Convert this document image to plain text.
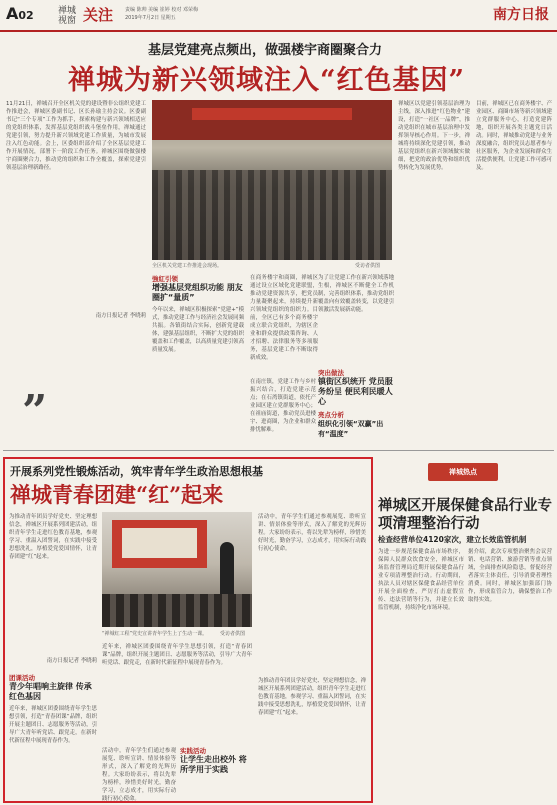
A02	禅城
视窗 关注 责编 陈帅 美编 崔婷 校对 邓荣梅
2019年7月2日 星期五	南方日报
基层党建亮点频出，做强楼宇商圈聚合力
禅城为新兴领域注入“红色基因”
11月21日，禅城召开全区机关党的建设暨非公组织党建工作推进会，禅城区委副书记、区长孙瑜主持会议。区委副书记“三个专项”工作为抓手，探索构建与新兴领域相适应的党组织体系，发挥基层党组织战斗堡垒作用，禅城通过党建引领，努力提升新兴领域党建工作质量，为城市发展注入红色动能。会上，区委组织部介绍了全区基层党建工作开展情况，部署下一阶段工作任务。禅城区围绕做强楼宇商圈聚合力，推动党的组织和工作全覆盖，探索党建引领基层治理新路径。
南方日报记者 李晓莉
全区机关党建工作推进会现场。	受访者供图
禅城区以党建引领基层治理为主线，深入推进“红色物业”建设，打造“一社区一品牌”，推动党组织在城市基层治理中发挥领导核心作用。下一步，禅城将持续深化党建引领，推动基层党组织在新兴领域做实做细，把党的政治优势和组织优势转化为发展优势。
目前，禅城区已在商务楼宇、产业园区、商圈市场等新兴领域建立党群服务中心，打造党建阵地，组织开展各类主题党日活动。同时，禅城推动党建与业务深度融合，组织党员志愿者参与社区服务，为企业发展和群众生活提供便利，让党建工作可感可及。
”
強紅引领
增强基层党组织功能 朋友圈扩“量质”
今年以来，禅城区积极探索“党建+”模式，推动党建工作与经济社会发展同频共振。各镇街结合实际，创新党建载体，建强基层组织，不断扩大党的组织覆盖和工作覆盖，以高质量党建引领高质量发展。
在商务楼宇和商圈，禅城区通过设立区域化党建联盟，推动党建资源共享，把党员力量凝聚起来，持续提升新兴领域党组织的组织力。目前，全区已有多个商务楼宇成立联合党组织，为辖区企业和群众提供政策咨询、人才招聘、法律服务等多项服务，基层党建工作不断取得新成效。
突出做法
镇街区织统开 党员服务纷呈 便民利民暖人心
在南庄镇，党建工作与乡村振兴结合，打造党建示范点；在石湾镇街道，依托产业园区建立党群服务中心；在祖庙街道，推动党员进楼宇、进商圈，为企业和群众排忧解难。
为了让党建工作在新兴领域落地生根，禅城区不断健全工作机制，完善组织体系，推动党组织覆盖向有效覆盖转变，以党建引领激活发展新动能。
亮点分析
组织化引领“双赢”出有“温度”
开展系列党性锻炼活动，筑牢青年学生政治思想根基
禅城青春团建“红”起来
为推动青年团员学好党史、坚定理想信念，禅城区开展系列团建活动，组织青年学生走进红色教育基地，参观学习、重温入团誓词，在实践中接受思想洗礼，厚植爱党爱国情怀，让青春团建“红”起来。
南方日报记者 李晓莉
“禅城红工程”党史宣讲青年学生上了生动一课。	受访者供图
活动中，青年学生们通过参观展览、聆听宣讲、情景体验等形式，深入了解党的光辉历程。大家纷纷表示，将以先辈为榜样，珍惜美好时光，勤奋学习，立志成才，用实际行动践行初心使命。
团课活动
青少年唱响主旋律 传承红色基因
近年来，禅城区团委围绕青年学生思想引领，打造“青春团课”品牌，组织开展主题团日、志愿服务等活动，引导广大青年听党话、跟党走，在新时代新征程中展现青春作为。
近年来，禅城区团委围绕青年学生思想引领，打造“青春团课”品牌，组织开展主题团日、志愿服务等活动，引导广大青年听党话、跟党走，在新时代新征程中展现青春作为。
实践活动
让学生走出校外 将所学用于实践
活动中，青年学生们通过参观展览、聆听宣讲、情景体验等形式，深入了解党的光辉历程。大家纷纷表示，将以先辈为榜样，珍惜美好时光，勤奋学习，立志成才，用实际行动践行初心使命。
为推动青年团员学好党史、坚定理想信念，禅城区开展系列团建活动，组织青年学生走进红色教育基地，参观学习、重温入团誓词，在实践中接受思想洗礼，厚植爱党爱国情怀，让青春团建“红”起来。
禅城热点
禅城区开展保健食品行业专项清理整治行动
检查经营单位4120家次，建立长效监管机制
为进一步规范保健食品市场秩序，保障人民群众饮食安全，禅城区市场监督管理局近期开展保健食品行业专项清理整治行动。行动期间，执法人员对辖区保健食品经营单位开展全面检查，严厉打击虚假宣传、违法营销等行为，并建立长效监管机制，持续净化市场环境。
据介绍，此次专项整治聚焦会议营销、电话营销、旅游营销等重点领域，全面排查风险隐患，督促经营者落实主体责任，引导消费者理性消费。同时，禅城区加强部门协作，形成监管合力，确保整治工作取得实效。
